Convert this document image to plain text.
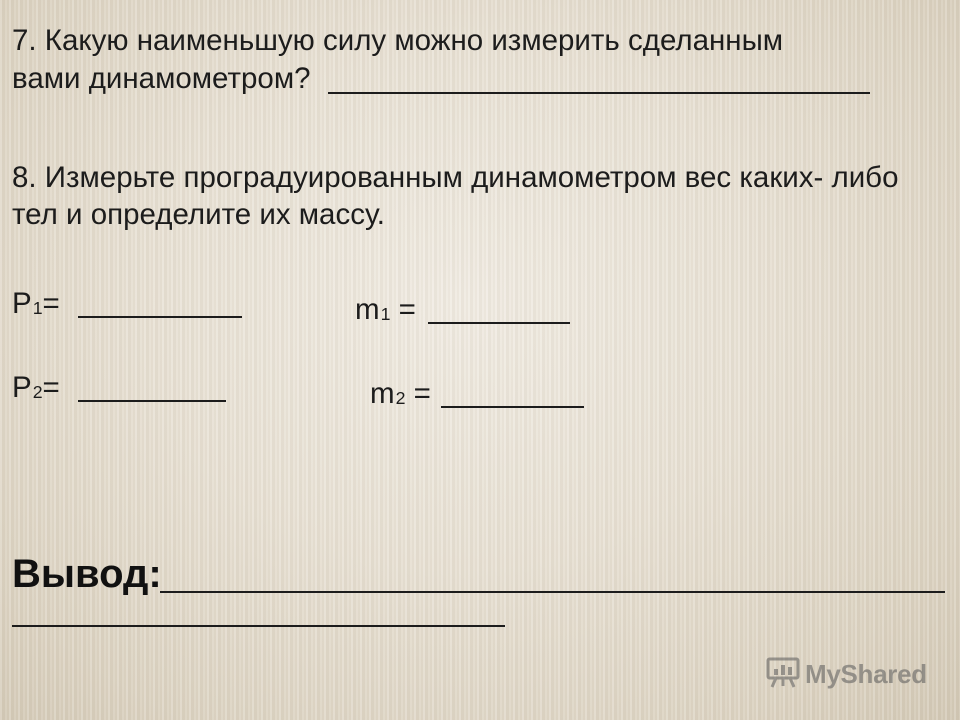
7. Какую наименьшую силу можно измерить сделанным
вами динамометром?
8. Измерьте проградуированным динамометром вес каких- либо
тел и определите их массу.
P1=	m1 =
P2=	m2 =
Вывод:
MyShared
